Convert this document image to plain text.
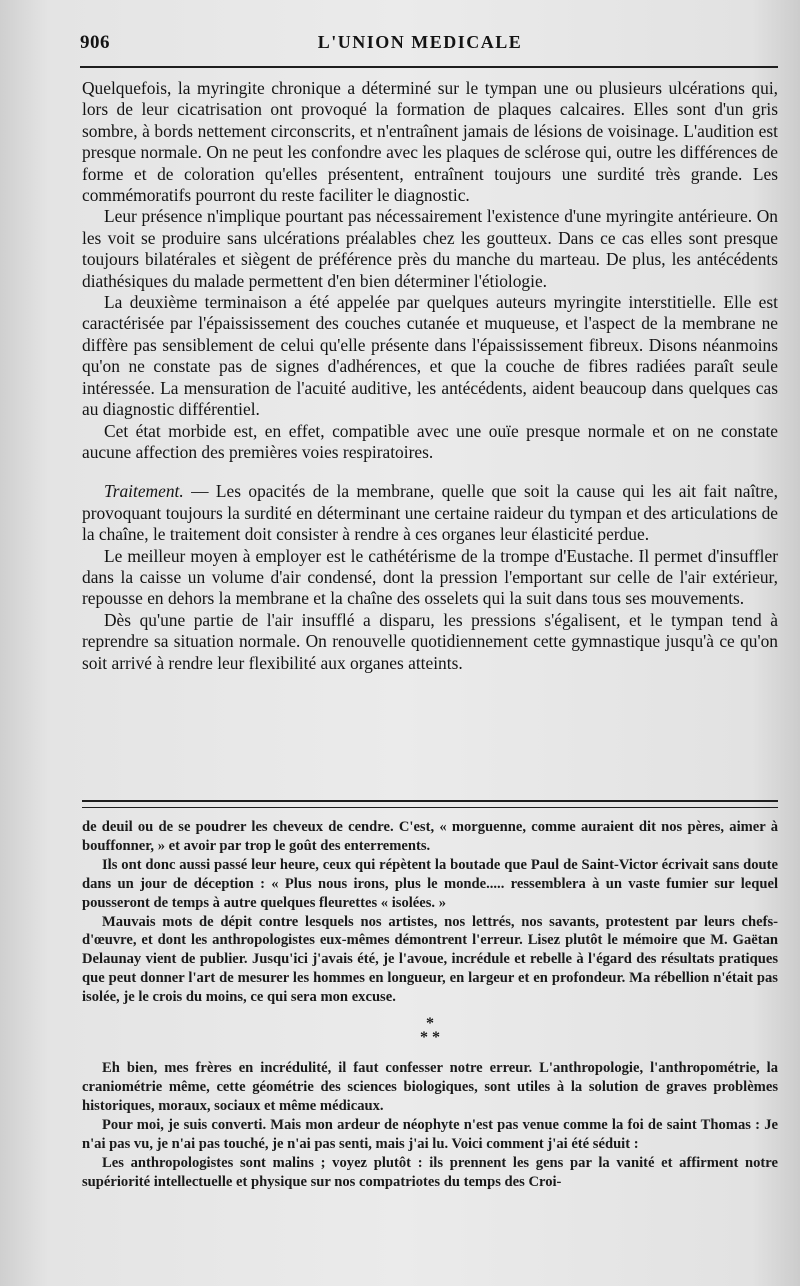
906	L'UNION MEDICALE

Quelquefois, la myringite chronique a déterminé sur le tympan une ou plusieurs ulcérations qui, lors de leur cicatrisation ont provoqué la formation de plaques calcaires. Elles sont d'un gris sombre, à bords nettement circonscrits, et n'entraînent jamais de lésions de voisinage. L'audition est presque normale. On ne peut les confondre avec les plaques de sclérose qui, outre les différences de forme et de coloration qu'elles présentent, entraînent toujours une surdité très grande. Les commémoratifs pourront du reste faciliter le diagnostic.

Leur présence n'implique pourtant pas nécessairement l'existence d'une myringite antérieure. On les voit se produire sans ulcérations préalables chez les goutteux. Dans ce cas elles sont presque toujours bilatérales et siègent de préférence près du manche du marteau. De plus, les antécédents diathésiques du malade permettent d'en bien déterminer l'étiologie.

La deuxième terminaison a été appelée par quelques auteurs myringite interstitielle. Elle est caractérisée par l'épaississement des couches cutanée et muqueuse, et l'aspect de la membrane ne diffère pas sensiblement de celui qu'elle présente dans l'épaississement fibreux. Disons néanmoins qu'on ne constate pas de signes d'adhérences, et que la couche de fibres radiées paraît seule intéressée. La mensuration de l'acuité auditive, les antécédents, aident beaucoup dans quelques cas au diagnostic différentiel.

Cet état morbide est, en effet, compatible avec une ouïe presque normale et on ne constate aucune affection des premières voies respiratoires.

Traitement. — Les opacités de la membrane, quelle que soit la cause qui les ait fait naître, provoquant toujours la surdité en déterminant une certaine raideur du tympan et des articulations de la chaîne, le traitement doit consister à rendre à ces organes leur élasticité perdue.

Le meilleur moyen à employer est le cathétérisme de la trompe d'Eustache. Il permet d'insuffler dans la caisse un volume d'air condensé, dont la pression l'emportant sur celle de l'air extérieur, repousse en dehors la membrane et la chaîne des osselets qui la suit dans tous ses mouvements.

Dès qu'une partie de l'air insufflé a disparu, les pressions s'égalisent, et le tympan tend à reprendre sa situation normale. On renouvelle quotidiennement cette gymnastique jusqu'à ce qu'on soit arrivé à rendre leur flexibilité aux organes atteints.

de deuil ou de se poudrer les cheveux de cendre. C'est, « morguenne, comme auraient dit nos pères, aimer à bouffonner, » et avoir par trop le goût des enterrements.

Ils ont donc aussi passé leur heure, ceux qui répètent la boutade que Paul de Saint-Victor écrivait sans doute dans un jour de déception : « Plus nous irons, plus le monde..... ressemblera à un vaste fumier sur lequel pousseront de temps à autre quelques fleurettes « isolées. »

Mauvais mots de dépit contre lesquels nos artistes, nos lettrés, nos savants, protestent par leurs chefs-d'œuvre, et dont les anthropologistes eux-mêmes démontrent l'erreur. Lisez plutôt le mémoire que M. Gaëtan Delaunay vient de publier. Jusqu'ici j'avais été, je l'avoue, incrédule et rebelle à l'égard des résultats pratiques que peut donner l'art de mesurer les hommes en longueur, en largeur et en profondeur. Ma rébellion n'était pas isolée, je le crois du moins, ce qui sera mon excuse.

*
* *

Eh bien, mes frères en incrédulité, il faut confesser notre erreur. L'anthropologie, l'anthropométrie, la craniométrie même, cette géométrie des sciences biologiques, sont utiles à la solution de graves problèmes historiques, moraux, sociaux et même médicaux.

Pour moi, je suis converti. Mais mon ardeur de néophyte n'est pas venue comme la foi de saint Thomas : Je n'ai pas vu, je n'ai pas touché, je n'ai pas senti, mais j'ai lu. Voici comment j'ai été séduit :

Les anthropologistes sont malins ; voyez plutôt : ils prennent les gens par la vanité et affirment notre supériorité intellectuelle et physique sur nos compatriotes du temps des Croi-
